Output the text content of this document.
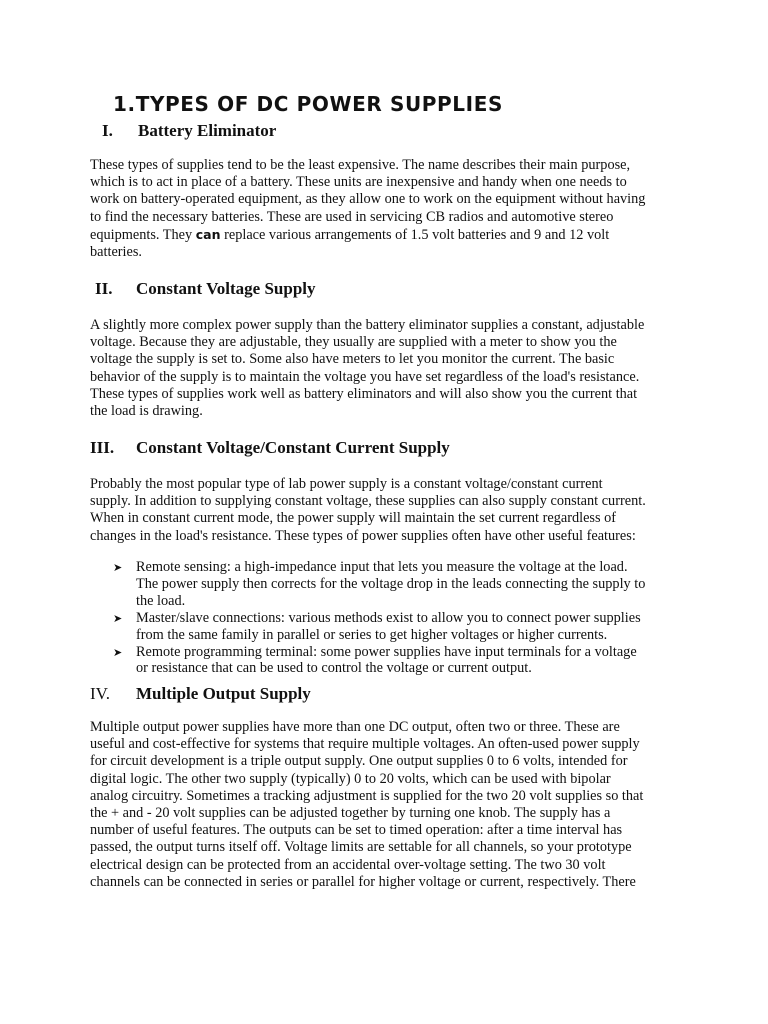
1.TYPES OF DC POWER SUPPLIES
I. Battery Eliminator
These types of supplies tend to be the least expensive. The name describes their main purpose,
which is to act in place of a battery. These units are inexpensive and handy when one needs to
work on battery-operated equipment, as they allow one to work on the equipment without having
to find the necessary batteries. These are used in servicing CB radios and automotive stereo
equipments. They can replace various arrangements of 1.5 volt batteries and 9 and 12 volt
batteries.
II. Constant Voltage Supply
A slightly more complex power supply than the battery eliminator supplies a constant, adjustable
voltage. Because they are adjustable, they usually are supplied with a meter to show you the
voltage the supply is set to. Some also have meters to let you monitor the current. The basic
behavior of the supply is to maintain the voltage you have set regardless of the load's resistance.
These types of supplies work well as battery eliminators and will also show you the current that
the load is drawing.
III. Constant Voltage/Constant Current Supply
Probably the most popular type of lab power supply is a constant voltage/constant current
supply. In addition to supplying constant voltage, these supplies can also supply constant current.
When in constant current mode, the power supply will maintain the set current regardless of
changes in the load's resistance. These types of power supplies often have other useful features:
➤ Remote sensing: a high-impedance input that lets you measure the voltage at the load.
The power supply then corrects for the voltage drop in the leads connecting the supply to
the load.
➤ Master/slave connections: various methods exist to allow you to connect power supplies
from the same family in parallel or series to get higher voltages or higher currents.
➤ Remote programming terminal: some power supplies have input terminals for a voltage
or resistance that can be used to control the voltage or current output.
IV. Multiple Output Supply
Multiple output power supplies have more than one DC output, often two or three. These are
useful and cost-effective for systems that require multiple voltages. An often-used power supply
for circuit development is a triple output supply. One output supplies 0 to 6 volts, intended for
digital logic. The other two supply (typically) 0 to 20 volts, which can be used with bipolar
analog circuitry. Sometimes a tracking adjustment is supplied for the two 20 volt supplies so that
the + and - 20 volt supplies can be adjusted together by turning one knob. The supply has a
number of useful features. The outputs can be set to timed operation: after a time interval has
passed, the output turns itself off. Voltage limits are settable for all channels, so your prototype
electrical design can be protected from an accidental over-voltage setting. The two 30 volt
channels can be connected in series or parallel for higher voltage or current, respectively. There
